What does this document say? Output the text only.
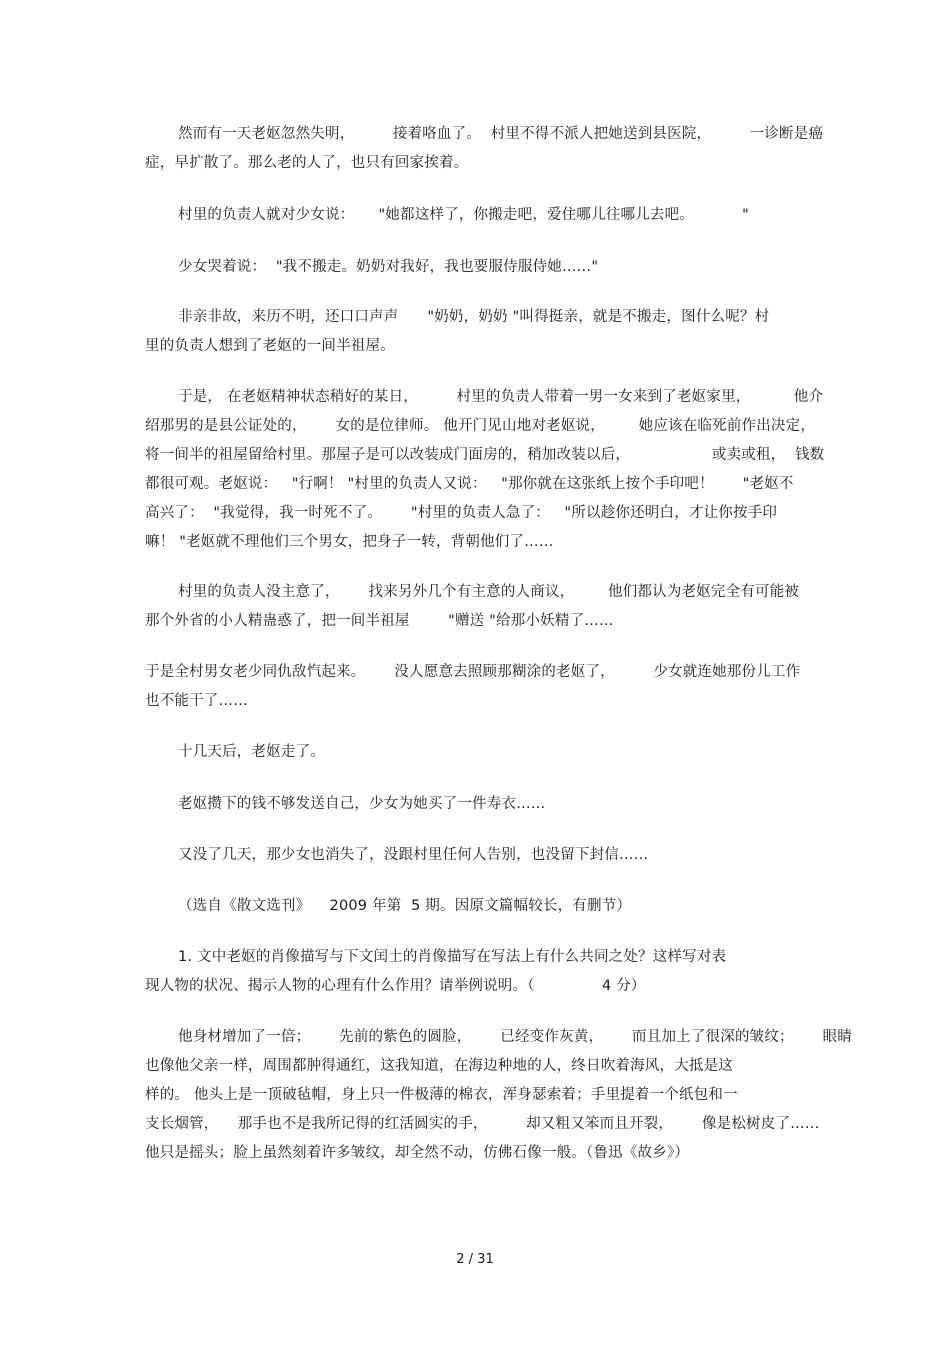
然而有一天老妪忽然失明，        接着咯血了。  村里不得不派人把她送到县医院，        一诊断是癌
症，早扩散了。那么老的人了，也只有回家挨着。
村里的负责人就对少女说：     "她都这样了，你搬走吧，爱住哪儿往哪儿去吧。          "
少女哭着说：  "我不搬走。奶奶对我好，我也要服侍服侍她……"
非亲非故，来历不明，还口口声声      "奶奶，奶奶 "叫得挺亲，就是不搬走，图什么呢？村
里的负责人想到了老妪的一间半祖屋。
于是， 在老妪精神状态稍好的某日，        村里的负责人带着一男一女来到了老妪家里，         他介
绍那男的是县公证处的，      女的是位律师。 他开门见山地对老妪说，       她应该在临死前作出决定，
将一间半的祖屋留给村里。那屋子是可以改装成门面房的，稍加改装以后，                 或卖或租，  钱数
都很可观。老妪说：   "行啊！ "村里的负责人又说：   "那你就在这张纸上按个手印吧！      "老妪不
高兴了：  "我觉得，我一时死不了。      "村里的负责人急了：   "所以趁你还明白，才让你按手印
嘛！ "老妪就不理他们三个男女，把身子一转，背朝他们了……
村里的负责人没主意了，      找来另外几个有主意的人商议，       他们都认为老妪完全有可能被
那个外省的小人精蛊惑了，把一间半祖屋        "赠送 "给那小妖精了……
于是全村男女老少同仇敌忾起来。      没人愿意去照顾那糊涂的老妪了，        少女就连她那份儿工作
也不能干了……
十几天后，老妪走了。
老妪攒下的钱不够发送自己，少女为她买了一件寿衣……
又没了几天，那少女也消失了，没跟村里任何人告别，也没留下封信……
（选自《散文选刊》    2009 年第  5 期。因原文篇幅较长，有删节）
1. 文中老妪的肖像描写与下文闰土的肖像描写在写法上有什么共同之处？这样写对表
现人物的状况、揭示人物的心理有什么作用？请举例说明。（              4 分）
他身材增加了一倍；      先前的紫色的圆脸，      已经变作灰黄，      而且加上了很深的皱纹；      眼睛
也像他父亲一样，周围都肿得通红，这我知道，在海边种地的人，终日吹着海风，大抵是这
样的。 他头上是一顶破毡帽，身上只一件极薄的棉衣，浑身瑟索着；手里提着一个纸包和一
支长烟管，    那手也不是我所记得的红活圆实的手，        却又粗又笨而且开裂，      像是松树皮了……
他只是摇头；脸上虽然刻着许多皱纹，却全然不动，仿佛石像一般。（鲁迅《故乡》）
2 / 31
